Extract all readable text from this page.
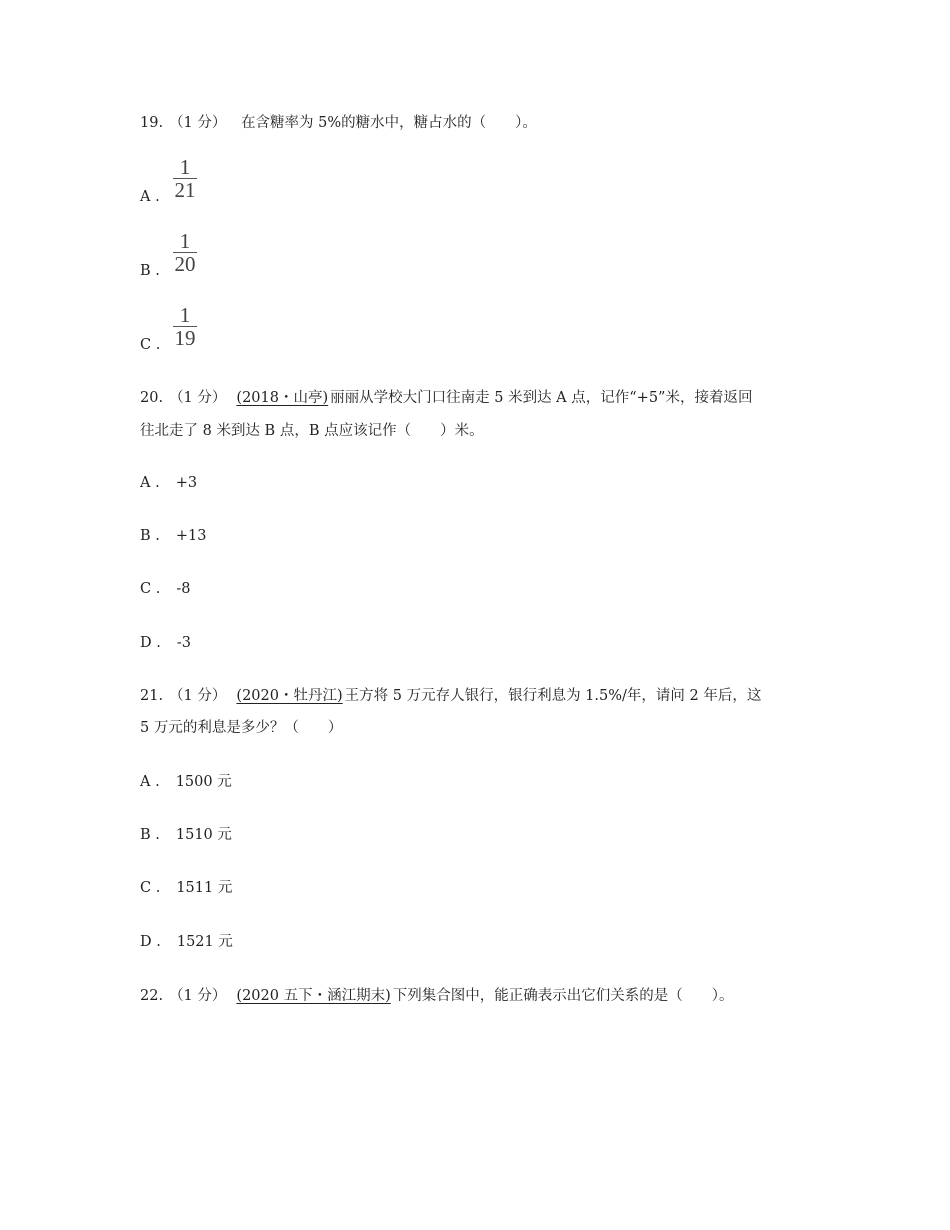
19. （1 分） 在含糖率为 5%的糖水中，糖占水的（　　）。
A .
1
21
B .
1
20
C .
1
19
20. （1 分） (2018・山亭) 丽丽从学校大门口往南走 5 米到达 A 点，记作“+5”米，接着返回
往北走了 8 米到达 B 点，B 点应该记作（　　）米。
A . +3
B . +13
C . -8
D . -3
21. （1 分） (2020・牡丹江) 王方将 5 万元存人银行，银行利息为 1.5%/年，请问 2 年后，这
5 万元的利息是多少？（　　）
A . 1500 元
B . 1510 元
C . 1511 元
D . 1521 元
22. （1 分） (2020 五下・涵江期末) 下列集合图中，能正确表示出它们关系的是（　　）。
